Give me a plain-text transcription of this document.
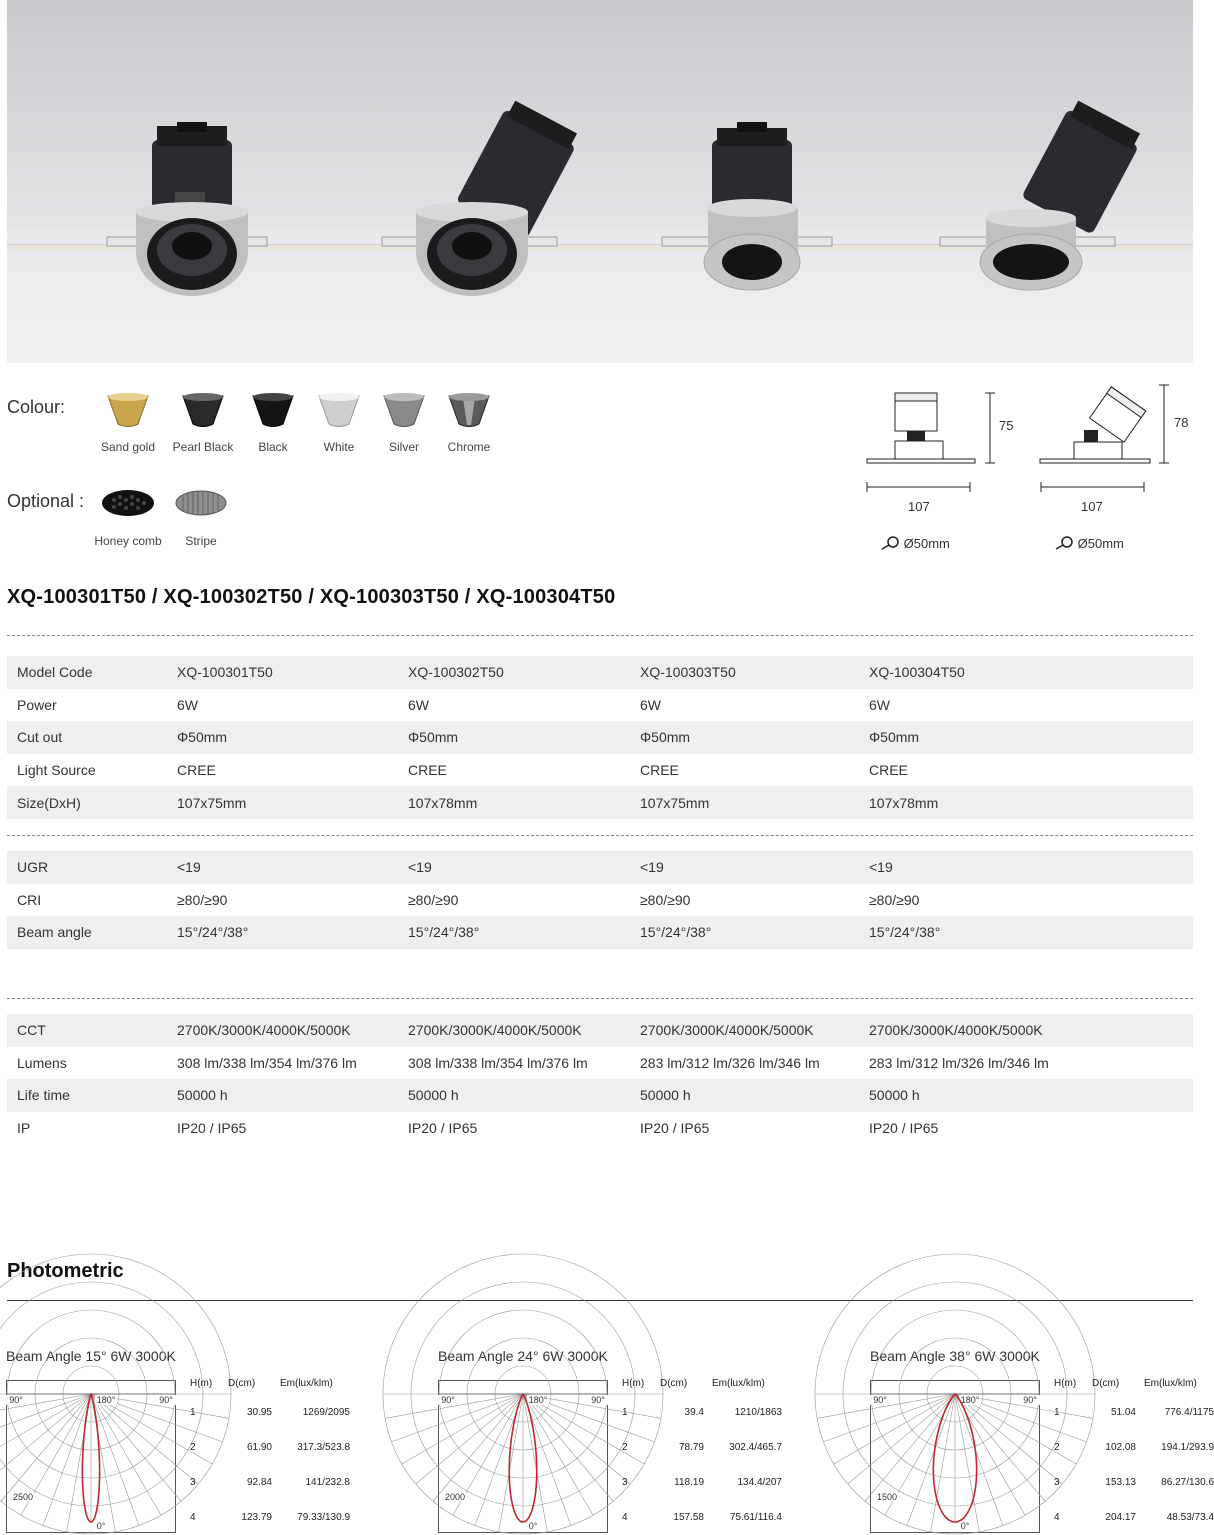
Colour:
Optional :
Sand gold	Pearl Black	Black	White	Silver	Chrome
Honey comb	Stripe
75
107
Ø50mm
78
107
Ø50mm
XQ-100301T50 / XQ-100302T50 / XQ-100303T50 / XQ-100304T50
Model Code	XQ-100301T50	XQ-100302T50	XQ-100303T50	XQ-100304T50
Power	6W	6W	6W	6W
Cut out	Φ50mm	Φ50mm	Φ50mm	Φ50mm
Light Source	CREE	CREE	CREE	CREE
Size(DxH)	107x75mm	107x78mm	107x75mm	107x78mm
UGR	<19	<19	<19	<19
CRI	≥80/≥90	≥80/≥90	≥80/≥90	≥80/≥90
Beam angle	15°/24°/38°	15°/24°/38°	15°/24°/38°	15°/24°/38°
CCT	2700K/3000K/4000K/5000K	2700K/3000K/4000K/5000K	2700K/3000K/4000K/5000K	2700K/3000K/4000K/5000K
Lumens	308 lm/338 lm/354 lm/376 lm	308 lm/338 lm/354 lm/376 lm	283 lm/312 lm/326 lm/346 lm	283 lm/312 lm/326 lm/346 lm
Life time	50000 h	50000 h	50000 h	50000 h
IP	IP20 / IP65	IP20 / IP65	IP20 / IP65	IP20 / IP65
Photometric
Beam Angle 15° 6W 3000K
90°	90°
180°
0°
2500
H(m) D(cm) Em(lux/klm)
1	30.95	1269/2095
2	61.90	317.3/523.8
3	92.84	141/232.8
4	123.79	79.33/130.9
Beam Angle 24° 6W 3000K
90°	90°
180°
0°
2000
H(m) D(cm) Em(lux/klm)
1	39.4	1210/1863
2	78.79	302.4/465.7
3	118.19	134.4/207
4	157.58	75.61/116.4
Beam Angle 38° 6W 3000K
90°	90°
180°
0°
1500
H(m) D(cm) Em(lux/klm)
1	51.04	776.4/1175
2	102.08	194.1/293.9
3	153.13	86.27/130.6
4	204.17	48.53/73.4
